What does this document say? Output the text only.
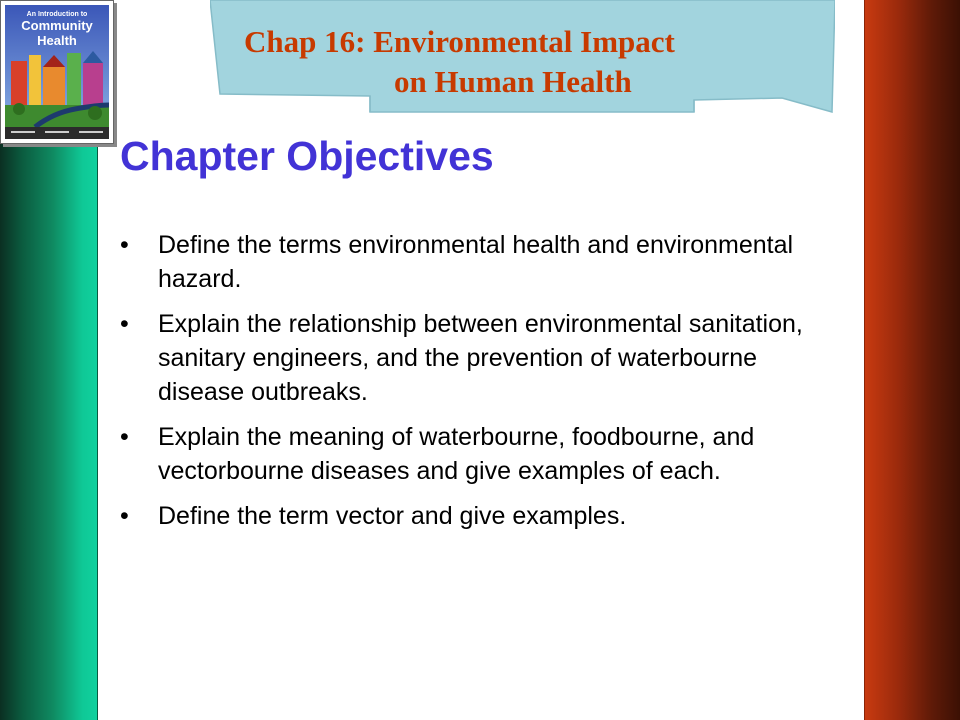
An Introduction to
Community
Health	Chap 16: Environmental Impact
on Human Health
Chapter Objectives
• Define the terms environmental health and environmental hazard.
• Explain the relationship between environmental sanitation, sanitary engineers, and the prevention of waterbourne disease outbreaks.
• Explain the meaning of waterbourne, foodbourne, and vectorbourne diseases and give examples of each.
• Define the term vector and give examples.
